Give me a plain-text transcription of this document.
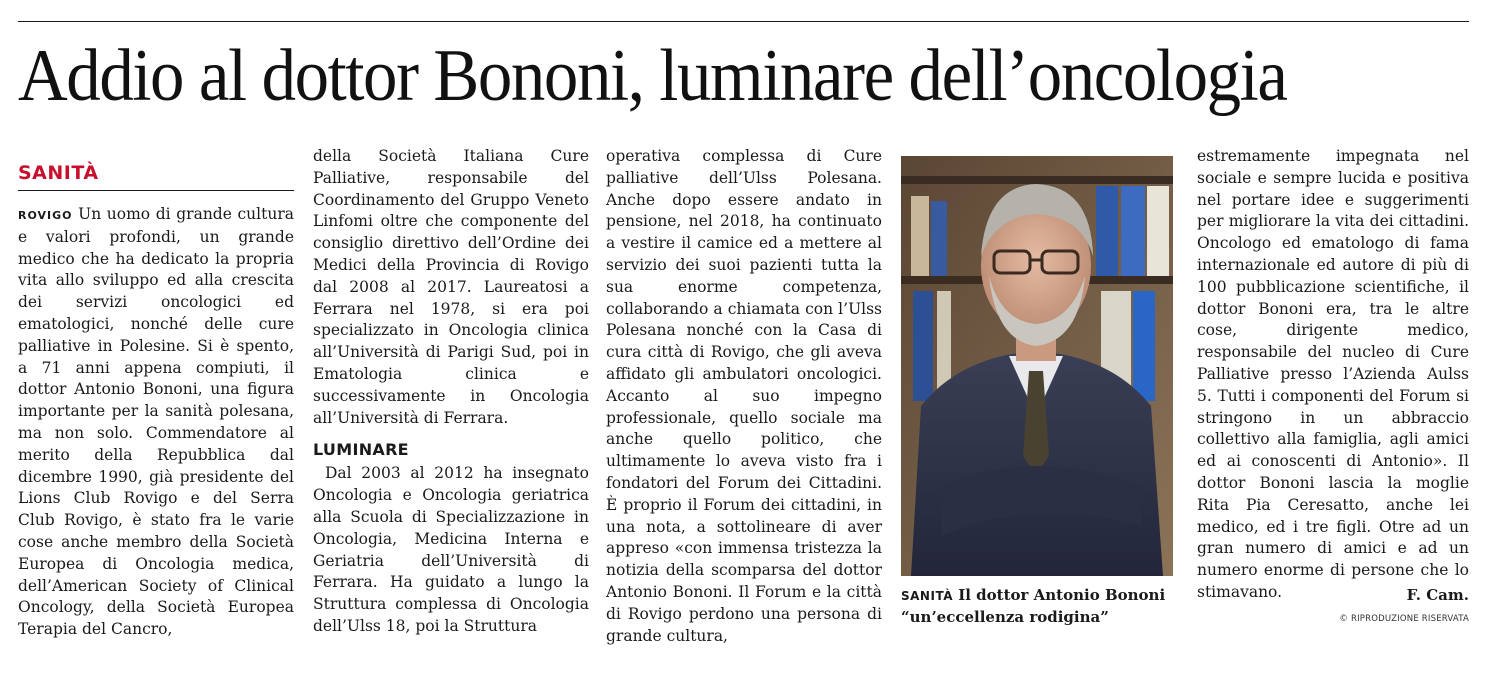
Addio al dottor Bononi, luminare dell’oncologia
SANITÀ

ROVIGO Un uomo di grande cultura e valori profondi, un grande medico che ha dedicato la propria vita allo sviluppo ed alla crescita dei servizi oncologici ed ematologici, nonché delle cure palliative in Polesine. Si è spento, a 71 anni appena compiuti, il dottor Antonio Bononi, una figura importante per la sanità polesana, ma non solo. Commendatore al merito della Repubblica dal dicembre 1990, già presidente del Lions Club Rovigo e del Serra Club Rovigo, è stato fra le varie cose anche membro della Società Europea di Oncologia medica, dell’American Society of Clinical Oncology, della Società Europea Terapia del Cancro,

della Società Italiana Cure Palliative, responsabile del Coordinamento del Gruppo Veneto Linfomi oltre che componente del consiglio direttivo dell’Ordine dei Medici della Provincia di Rovigo dal 2008 al 2017. Laureatosi a Ferrara nel 1978, si era poi specializzato in Oncologia clinica all’Università di Parigi Sud, poi in Ematologia clinica e successivamente in Oncologia all’Università di Ferrara.

LUMINARE

Dal 2003 al 2012 ha insegnato Oncologia e Oncologia geriatrica alla Scuola di Specializzazione in Oncologia, Medicina Interna e Geriatria dell’Università di Ferrara. Ha guidato a lungo la Struttura complessa di Oncologia dell’Ulss 18, poi la Struttura

operativa complessa di Cure palliative dell’Ulss Polesana. Anche dopo essere andato in pensione, nel 2018, ha continuato a vestire il camice ed a mettere al servizio dei suoi pazienti tutta la sua enorme competenza, collaborando a chiamata con l’Ulss Polesana nonché con la Casa di cura città di Rovigo, che gli aveva affidato gli ambulatori oncologici. Accanto al suo impegno professionale, quello sociale ma anche quello politico, che ultimamente lo aveva visto fra i fondatori del Forum dei Cittadini. È proprio il Forum dei cittadini, in una nota, a sottolineare di aver appreso «con immensa tristezza la notizia della scomparsa del dottor Antonio Bononi. Il Forum e la città di Rovigo perdono una persona di grande cultura,

SANITÀ Il dottor Antonio Bononi “un’eccellenza rodigina”

estremamente impegnata nel sociale e sempre lucida e positiva nel portare idee e suggerimenti per migliorare la vita dei cittadini. Oncologo ed ematologo di fama internazionale ed autore di più di 100 pubblicazione scientifiche, il dottor Bononi era, tra le altre cose, dirigente medico, responsabile del nucleo di Cure Palliative presso l’Azienda Aulss 5. Tutti i componenti del Forum si stringono in un abbraccio collettivo alla famiglia, agli amici ed ai conoscenti di Antonio». Il dottor Bononi lascia la moglie Rita Pia Ceresatto, anche lei medico, ed i tre figli. Otre ad un gran numero di amici e ad un numero enorme di persone che lo stimavano.	F. Cam.
© RIPRODUZIONE RISERVATA
